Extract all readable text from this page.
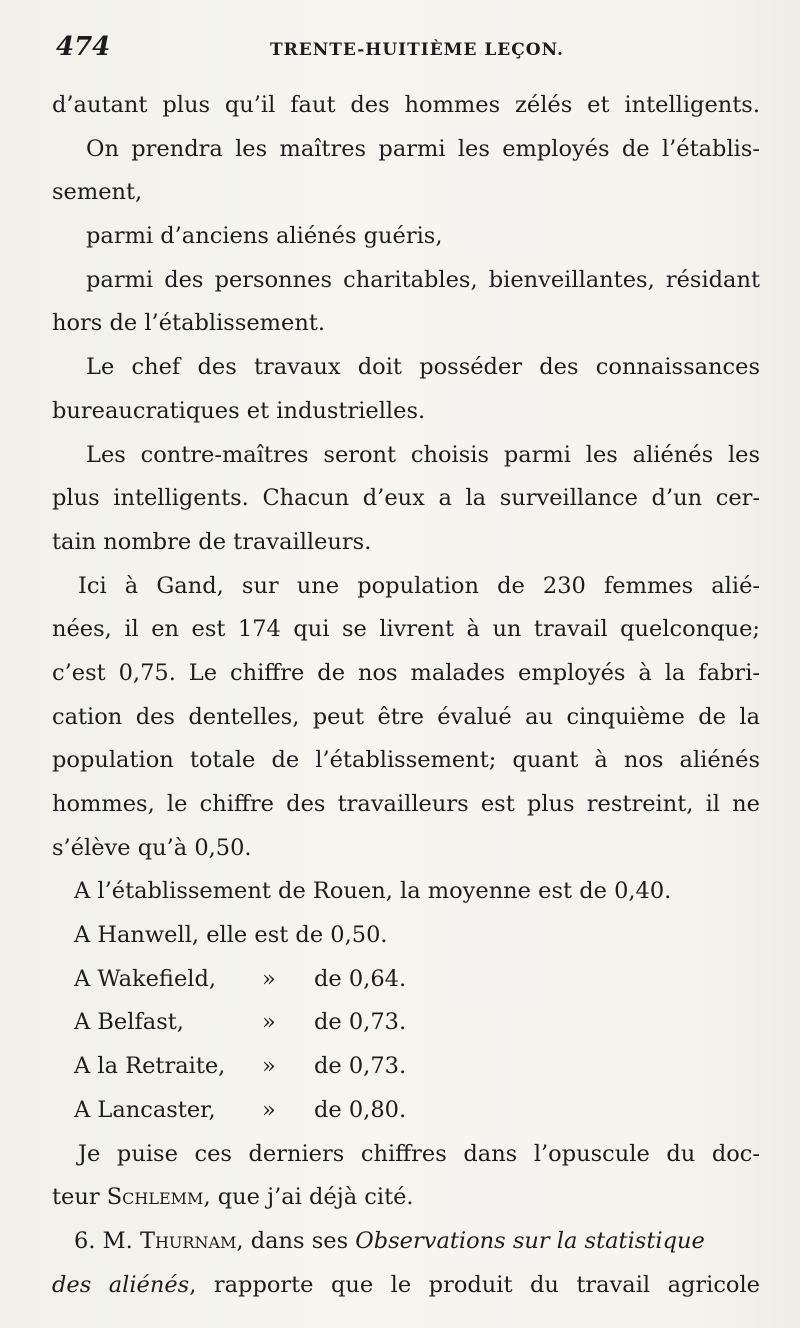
474	TRENTE-HUITIÈME LEÇON.
d’autant plus qu’il faut des hommes zélés et intelligents.
On prendra les maîtres parmi les employés de l’établis-
sement,
parmi d’anciens aliénés guéris,
parmi des personnes charitables, bienveillantes, résidant
hors de l’établissement.
Le chef des travaux doit posséder des connaissances
bureaucratiques et industrielles.
Les contre-maîtres seront choisis parmi les aliénés les
plus intelligents. Chacun d’eux a la surveillance d’un cer-
tain nombre de travailleurs.
Ici à Gand, sur une population de 230 femmes alié-
nées, il en est 174 qui se livrent à un travail quelconque;
c’est 0,75. Le chiffre de nos malades employés à la fabri-
cation des dentelles, peut être évalué au cinquième de la
population totale de l’établissement; quant à nos aliénés
hommes, le chiffre des travailleurs est plus restreint, il ne
s’élève qu’à 0,50.
A l’établissement de Rouen, la moyenne est de 0,40.
A Hanwell, elle est de 0,50.
A Wakefield, » de 0,64.
A Belfast,	» de 0,73.
A la Retraite, » de 0,73.
A Lancaster, » de 0,80.
Je puise ces derniers chiffres dans l’opuscule du doc-
teur Schlemm, que j’ai déjà cité.
6. M. Thurnam, dans ses Observations sur la statistique
des aliénés, rapporte que le produit du travail agricole
